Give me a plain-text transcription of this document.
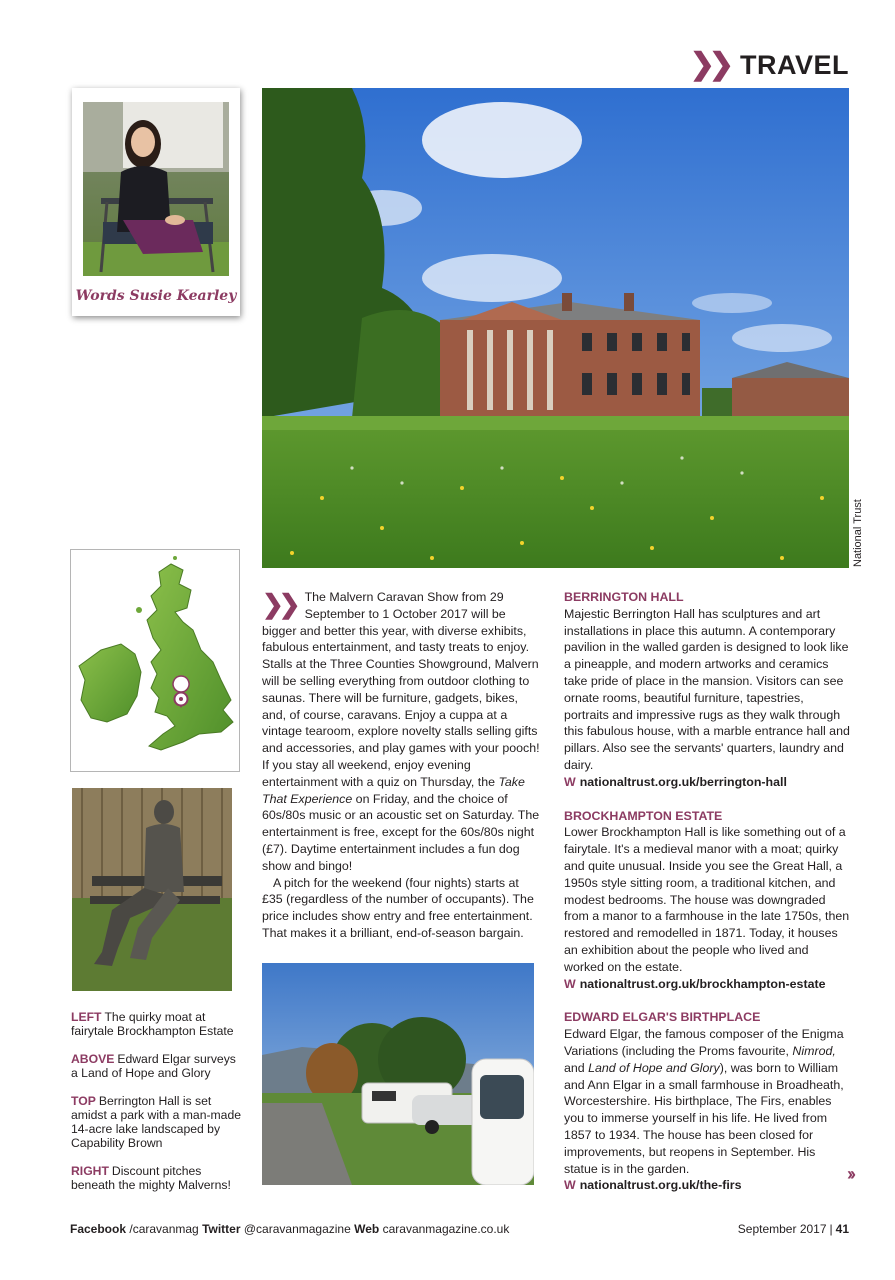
❯❯ TRAVEL
Words Susie Kearley
National Trust

❯❯ The Malvern Caravan Show from 29 September to 1 October 2017 will be bigger and better this year, with diverse exhibits, fabulous entertainment, and tasty treats to enjoy. Stalls at the Three Counties Showground, Malvern will be selling everything from outdoor clothing to saunas. There will be furniture, gadgets, bikes, and, of course, caravans. Enjoy a cuppa at a vintage tearoom, explore novelty stalls selling gifts and accessories, and play games with your pooch!

If you stay all weekend, enjoy evening entertainment with a quiz on Thursday, the Take That Experience on Friday, and the choice of 60s/80s music or an acoustic set on Saturday. The entertainment is free, except for the 60s/80s night (£7). Daytime entertainment includes a fun dog show and bingo!

A pitch for the weekend (four nights) starts at £35 (regardless of the number of occupants). The price includes show entry and free entertainment. That makes it a brilliant, end-of-season bargain.

BERRINGTON HALL

Majestic Berrington Hall has sculptures and art installations in place this autumn. A contemporary pavilion in the walled garden is designed to look like a pineapple, and modern artworks and ceramics take pride of place in the mansion. Visitors can see ornate rooms, beautiful furniture, tapestries, portraits and impressive rugs as they walk through this fabulous house, with a marble entrance hall and pillars. Also see the servants' quarters, laundry and dairy.

W nationaltrust.org.uk/berrington-hall

BROCKHAMPTON ESTATE

Lower Brockhampton Hall is like something out of a fairytale. It's a medieval manor with a moat; quirky and quite unusual. Inside you see the Great Hall, a 1950s style sitting room, a traditional kitchen, and modest bedrooms. The house was downgraded from a manor to a farmhouse in the late 1750s, then restored and remodelled in 1871. Today, it houses an exhibition about the people who lived and worked on the estate.

W nationaltrust.org.uk/brockhampton-estate

EDWARD ELGAR'S BIRTHPLACE

Edward Elgar, the famous composer of the Enigma Variations (including the Proms favourite, Nimrod, and Land of Hope and Glory), was born to William and Ann Elgar in a small farmhouse in Broadheath, Worcestershire. His birthplace, The Firs, enables you to immerse yourself in his life. He lived from 1857 to 1934. The house has been closed for improvements, but reopens in September. His statue is in the garden.

W nationaltrust.org.uk/the-firs

LEFT The quirky moat at fairytale Brockhampton Estate

ABOVE Edward Elgar surveys a Land of Hope and Glory

TOP Berrington Hall is set amidst a park with a man-made 14-acre lake landscaped by Capability Brown

RIGHT Discount pitches beneath the mighty Malverns!

››
Facebook /caravanmag Twitter @caravanmagazine Web caravanmagazine.co.uk	September 2017 | 41
